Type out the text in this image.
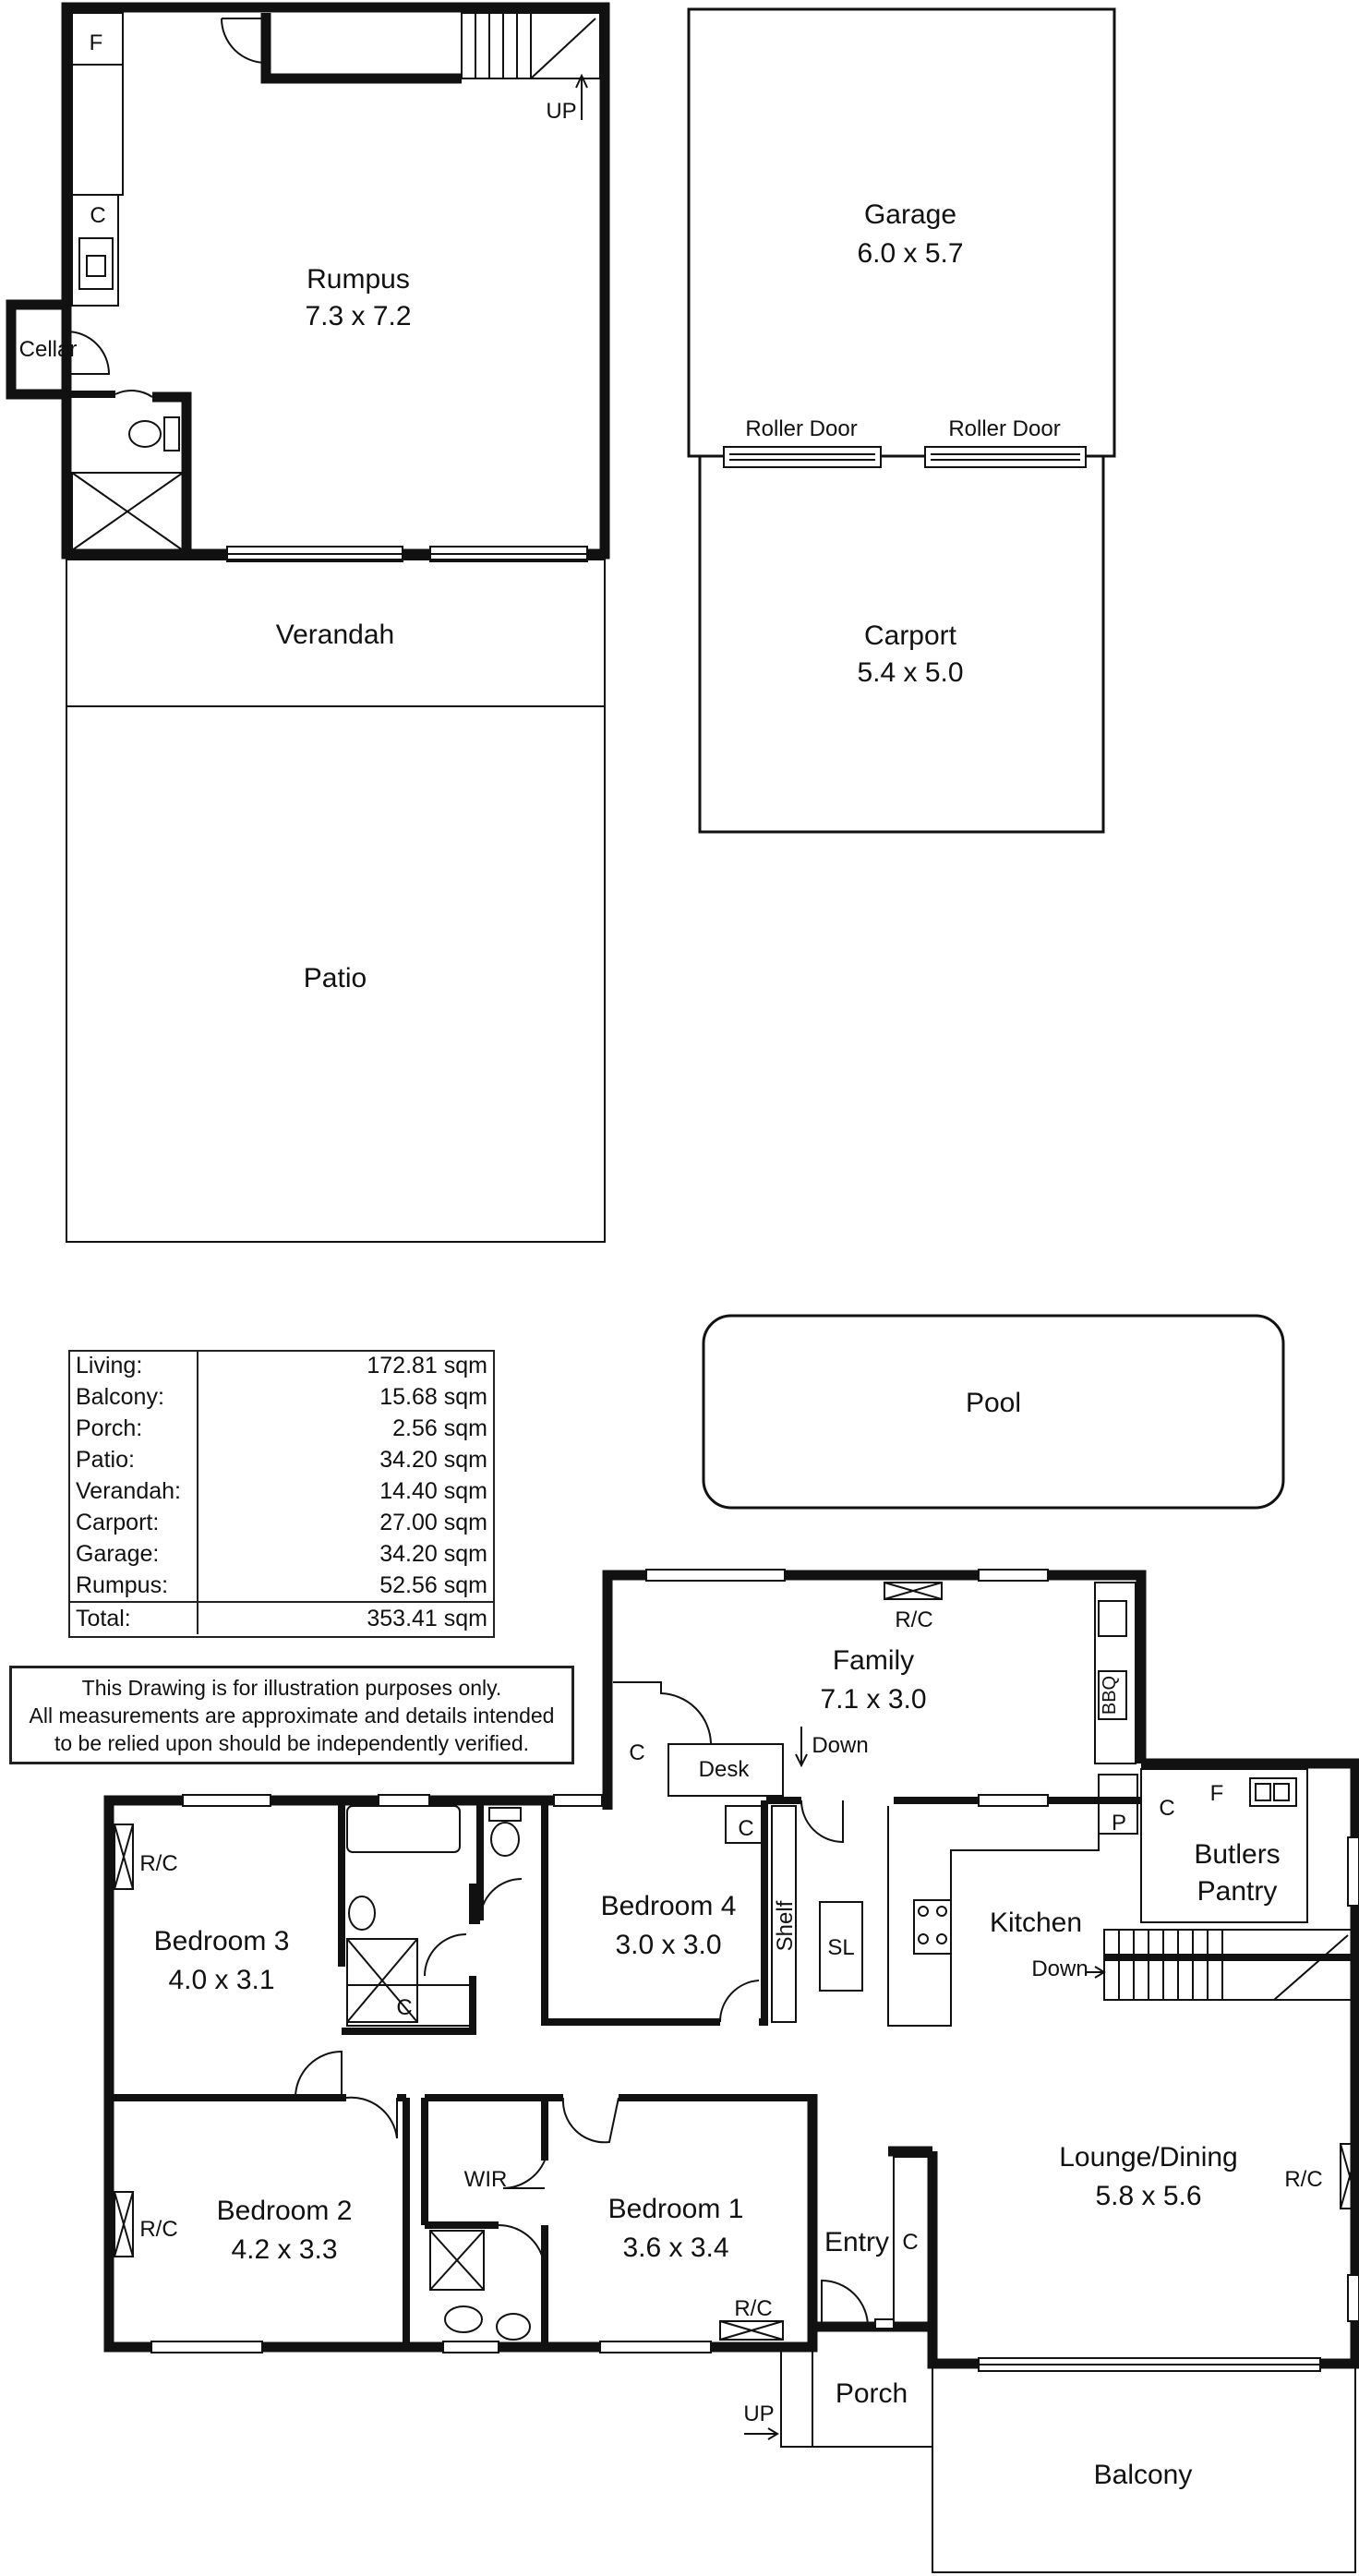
F
C
Rumpus
7.3 x 7.2
Cellar
UP
Verandah
Patio
Garage
6.0 x 5.7
Roller Door	Roller Door
Carport
5.4 x 5.0
Pool
Family
7.1 x 3.0
R/C
BBQ
C
Desk
Down
R/C
Bedroom 3
4.0 x 3.1
C
C
Bedroom 4
3.0 x 3.0 Shelf SL
P
C
F
Butlers
Pantry
Kitchen
Down
R/C
Bedroom 2
4.2 x 3.3
WIR
Bedroom 1
3.6 x 3.4
R/C
Entry C
Lounge/Dining
5.8 x 5.6
R/C
UP
Porch
Balcony
Living:	172.81 sqm
Balcony:	15.68 sqm
Porch:	2.56 sqm
Patio:	34.20 sqm
Verandah:	14.40 sqm
Carport:	27.00 sqm
Garage:	34.20 sqm
Rumpus:	52.56 sqm
Total:	353.41 sqm
This Drawing is for illustration purposes only.
All measurements are approximate and details intended
to be relied upon should be independently verified.
